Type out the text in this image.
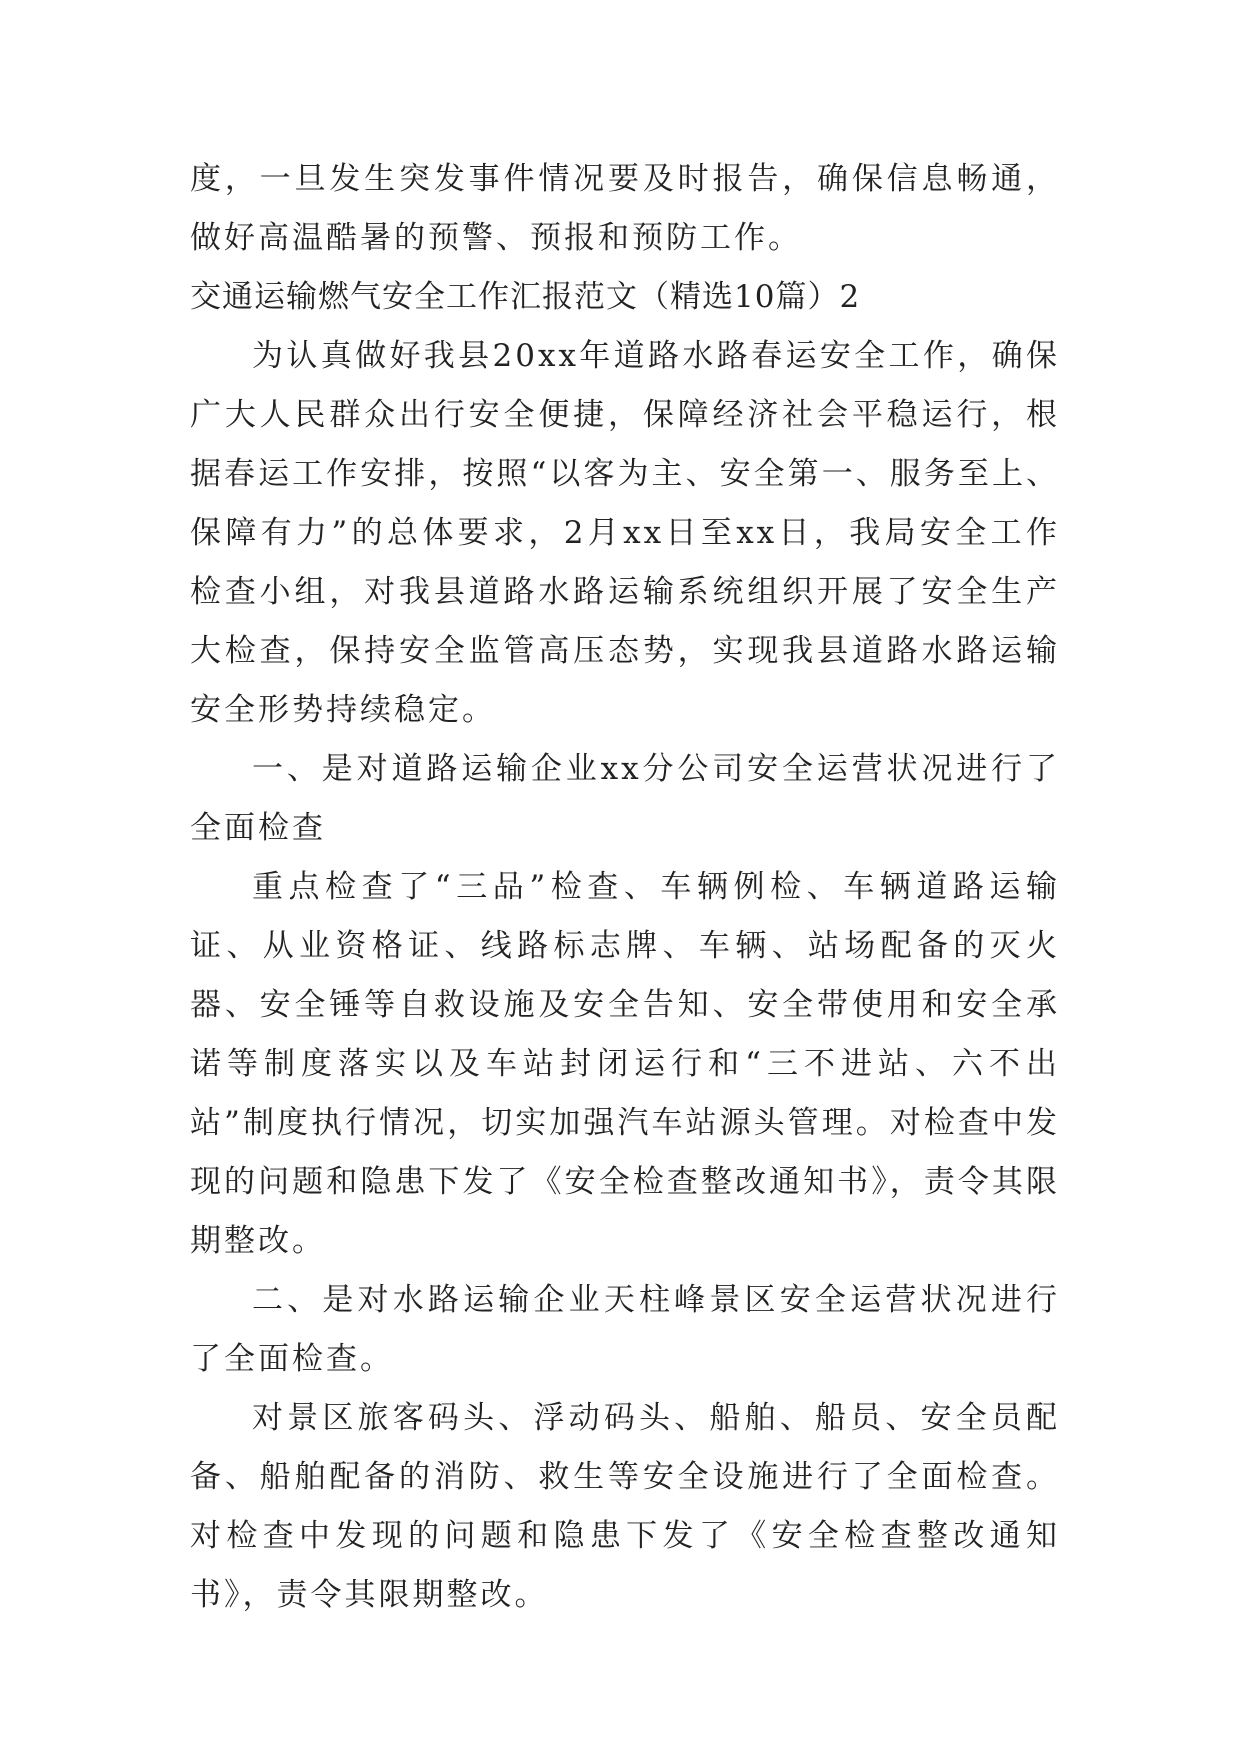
度，一旦发生突发事件情况要及时报告，确保信息畅通，做好高温酷暑的预警、预报和预防工作。

交通运输燃气安全工作汇报范文（精选10篇）2

为认真做好我县20xx年道路水路春运安全工作，确保广大人民群众出行安全便捷，保障经济社会平稳运行，根据春运工作安排，按照“以客为主、安全第一、服务至上、保障有力”的总体要求，2月xx日至xx日，我局安全工作检查小组，对我县道路水路运输系统组织开展了安全生产大检查，保持安全监管高压态势，实现我县道路水路运输安全形势持续稳定。

一、是对道路运输企业xx分公司安全运营状况进行了全面检查

重点检查了“三品”检查、车辆例检、车辆道路运输证、从业资格证、线路标志牌、车辆、站场配备的灭火器、安全锤等自救设施及安全告知、安全带使用和安全承诺等制度落实以及车站封闭运行和“三不进站、六不出站”制度执行情况，切实加强汽车站源头管理。对检查中发现的问题和隐患下发了《安全检查整改通知书》，责令其限期整改。

二、是对水路运输企业天柱峰景区安全运营状况进行了全面检查。

对景区旅客码头、浮动码头、船舶、船员、安全员配备、船舶配备的消防、救生等安全设施进行了全面检查。对检查中发现的问题和隐患下发了《安全检查整改通知书》，责令其限期整改。
